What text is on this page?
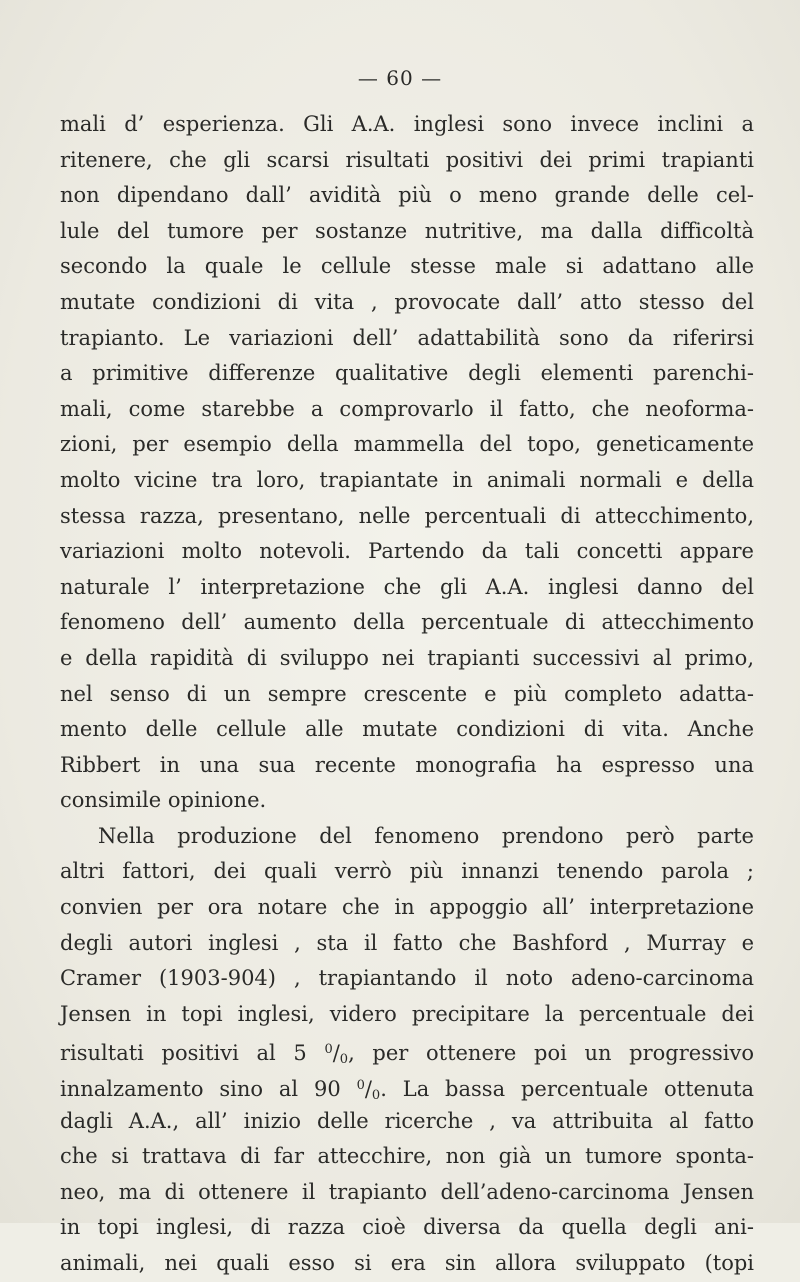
— 60 —
mali d’ esperienza. Gli A.A. inglesi sono invece inclini a
ritenere, che gli scarsi risultati positivi dei primi trapianti
non dipendano dall’ avidità più o meno grande delle cel-
lule del tumore per sostanze nutritive, ma dalla difficoltà
secondo la quale le cellule stesse male si adattano alle
mutate condizioni di vita , provocate dall’ atto stesso del
trapianto. Le variazioni dell’ adattabilità sono da riferirsi
a primitive differenze qualitative degli elementi parenchi-
mali, come starebbe a comprovarlo il fatto, che neoforma-
zioni, per esempio della mammella del topo, geneticamente
molto vicine tra loro, trapiantate in animali normali e della
stessa razza, presentano, nelle percentuali di attecchimento,
variazioni molto notevoli. Partendo da tali concetti appare
naturale l’ interpretazione che gli A.A. inglesi danno del
fenomeno dell’ aumento della percentuale di attecchimento
e della rapidità di sviluppo nei trapianti successivi al primo,
nel senso di un sempre crescente e più completo adatta-
mento delle cellule alle mutate condizioni di vita. Anche
Ribbert in una sua recente monografia ha espresso una
consimile opinione.
Nella produzione del fenomeno prendono però parte
altri fattori, dei quali verrò più innanzi tenendo parola ;
convien per ora notare che in appoggio all’ interpretazione
degli autori inglesi , sta il fatto che Bashford , Murray e
Cramer (1903-904) , trapiantando il noto adeno-carcinoma
Jensen in topi inglesi, videro precipitare la percentuale dei
risultati positivi al 5 $^0/_0$, per ottenere poi un progressivo
innalzamento sino al 90 $^0/_0$. La bassa percentuale ottenuta
dagli A.A., all’ inizio delle ricerche , va attribuita al fatto
che si trattava di far attecchire, non già un tumore sponta-
neo, ma di ottenere il trapianto dell’adeno-carcinoma Jensen
in topi inglesi, di razza cioè diversa da quella degli ani-
animali, nei quali esso si era sin allora sviluppato (topi
